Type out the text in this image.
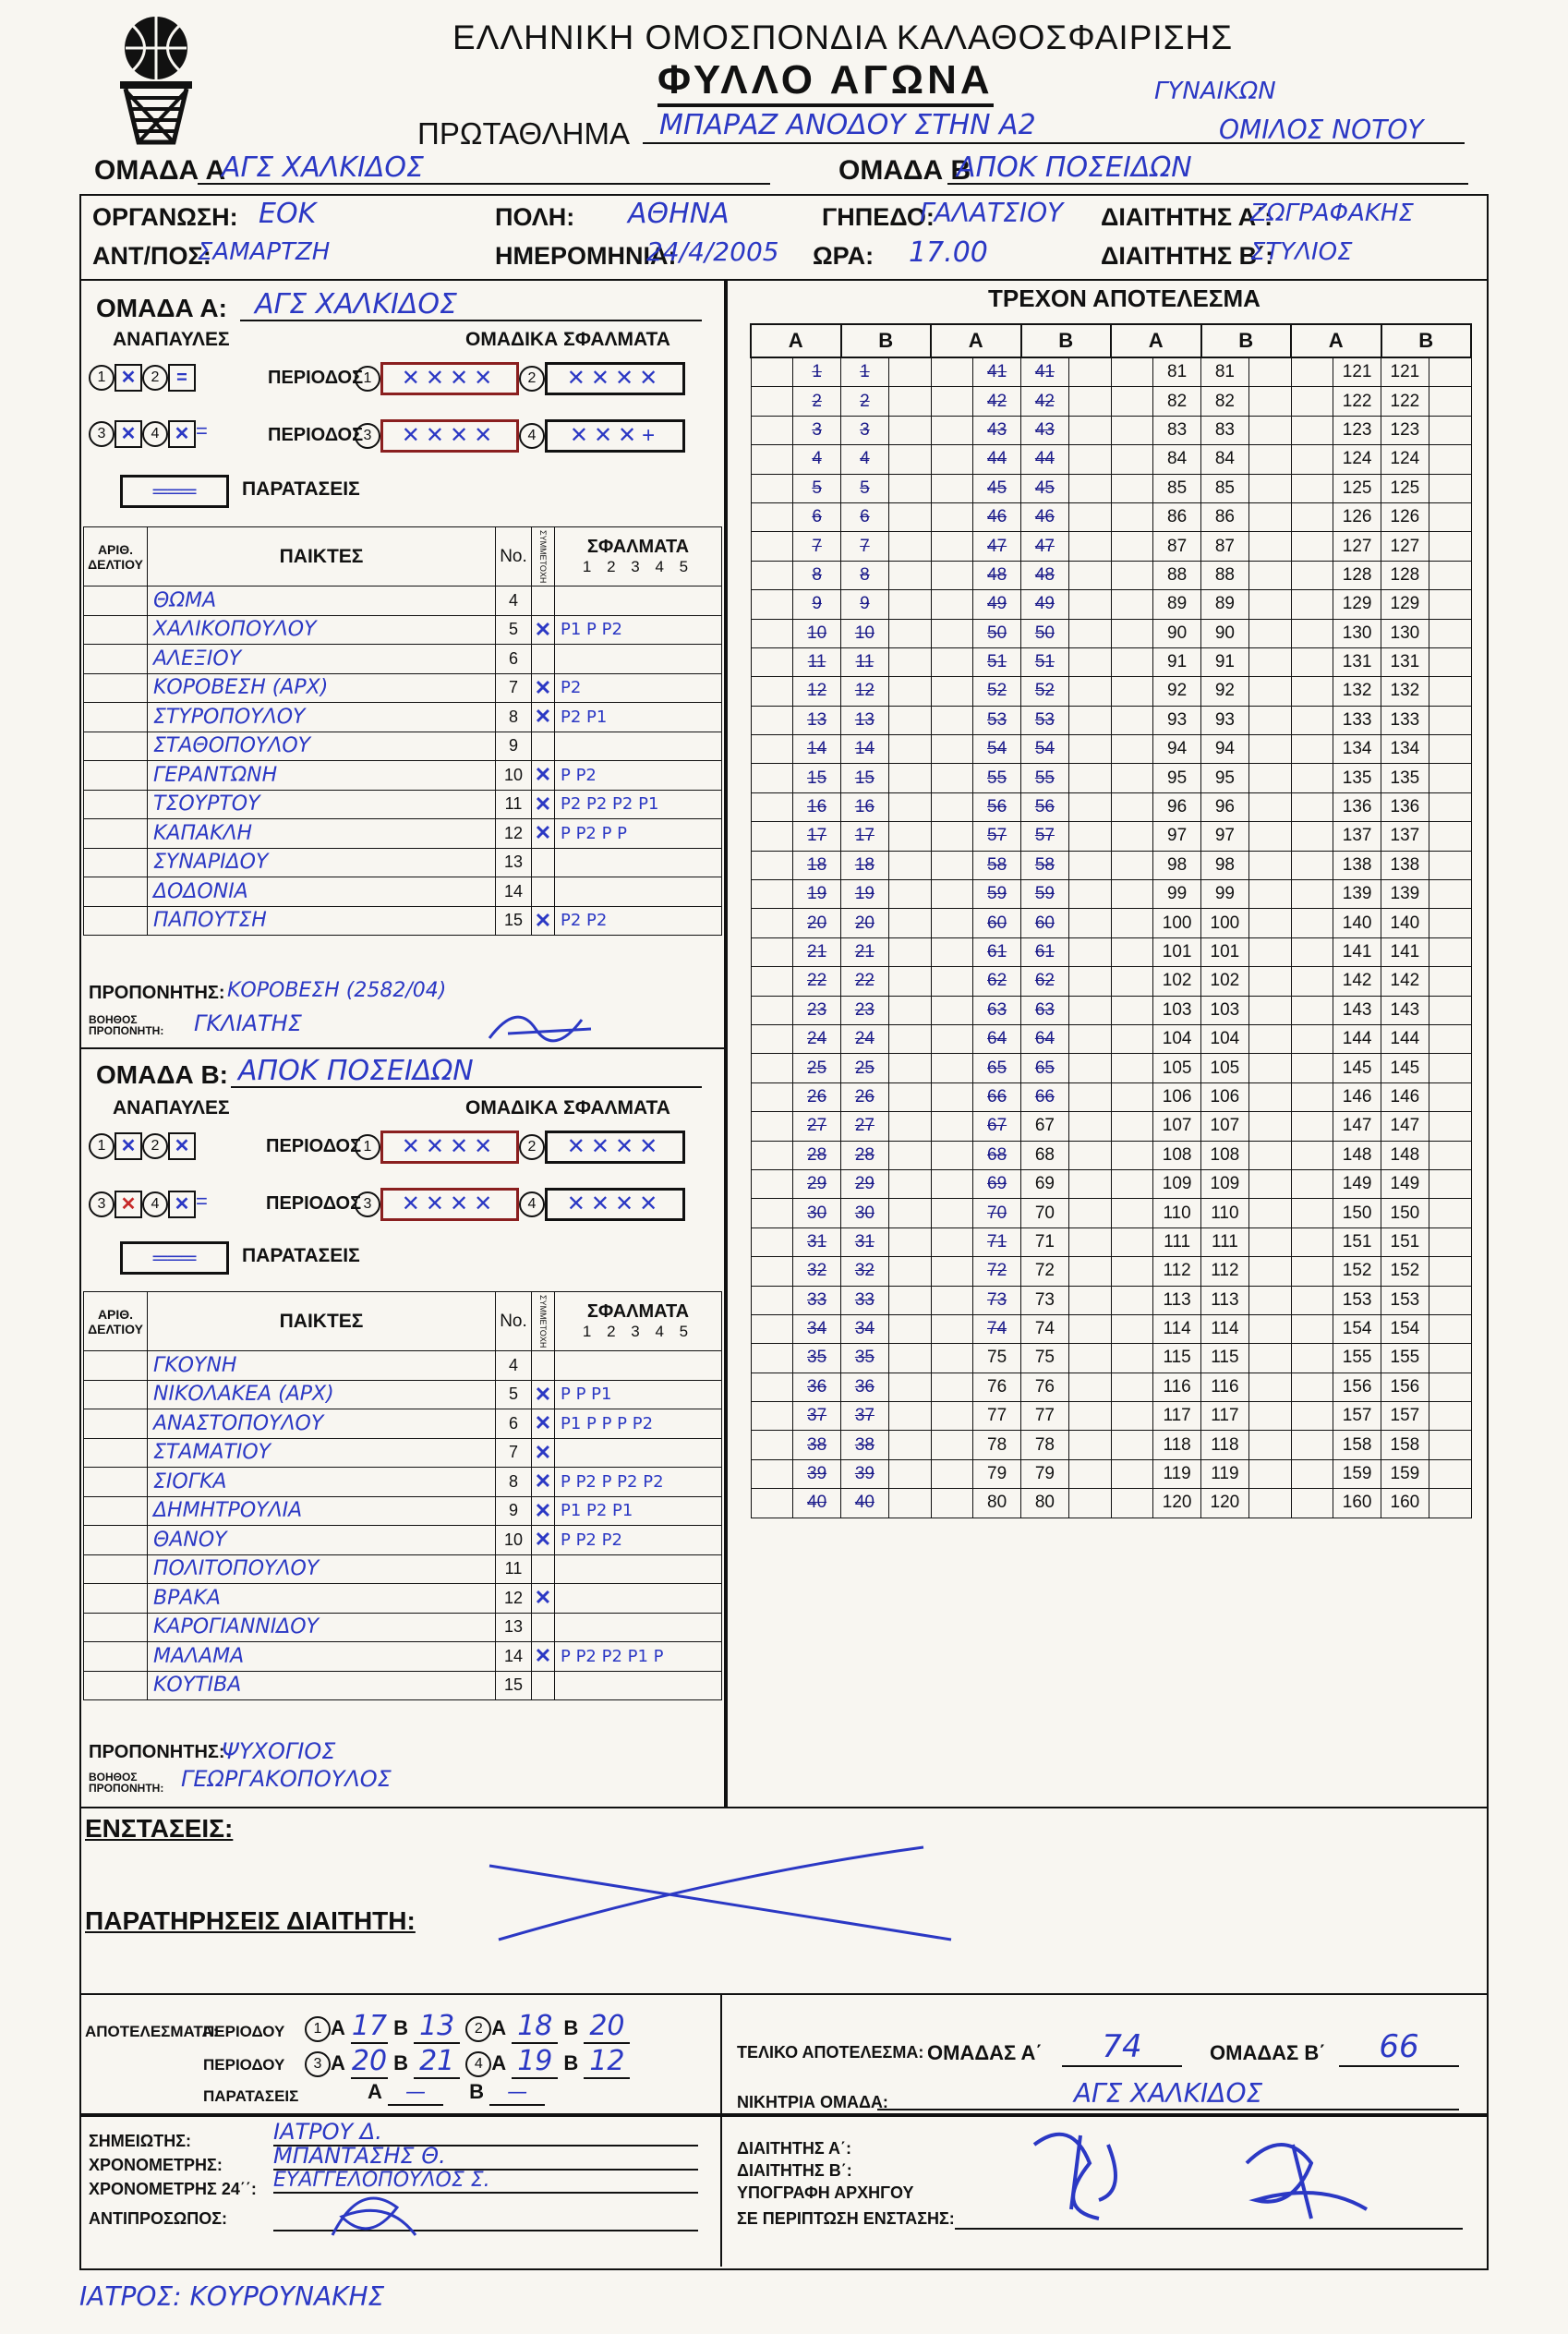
ΕΛΛΗΝΙΚΗ ΟΜΟΣΠΟΝΔΙΑ ΚΑΛΑΘΟΣΦΑΙΡΙΣΗΣ
ΦΥΛΛΟ ΑΓΩΝΑ	ΓΥΝΑΙΚΩΝ
ΠΡΩΤΑΘΛΗΜΑ ΜΠΑΡΑΖ ΑΝΟΔΟΥ ΣΤΗΝ Α2	ΟΜΙΛΟΣ ΝΟΤΟΥ
ΟΜΑΔΑ Α
ΑΓΣ ΧΑΛΚΙΔΟΣ	ΟΜΑΔΑ Β
ΑΠΟΚ ΠΟΣΕΙΔΩΝ
ΟΡΓΑΝΩΣΗ: ΕΟΚ	ΠΟΛΗ: ΑΘΗΝΑ	ΓΗΠΕΔΟ:
ΓΑΛΑΤΣΙΟΥ ΔΙΑΙΤΗΤΗΣ Α΄:
ΖΩΓΡΑΦΑΚΗΣ
ΑΝΤ/ΠΟΣ:
ΣΑΜΑΡΤΖΗ	ΗΜΕΡΟΜΗΝΙΑ:
24/4/2005 ΩΡΑ: 17.00	ΔΙΑΙΤΗΤΗΣ Β΄:
ΣΤΥΛΙΟΣ
ΟΜΑΔΑ Α: ΑΓΣ ΧΑΛΚΙΔΟΣ
ΑΝΑΠΑΥΛΕΣ	ΟΜΑΔΙΚΑ ΣΦΑΛΜΑΤΑ
1 ✕ 2 =	ΠΕΡΙΟΔΟΣ 1 ✕✕✕✕ 2 ✕✕✕✕
3 ✕ 4 ✕ =	ΠΕΡΙΟΔΟΣ 3 ✕✕✕✕ 4 ✕✕✕+
═══	ΠΑΡΑΤΑΣΕΙΣ
ΑΡΙΘ. ΔΕΛΤΙΟΥ	ΠΑΙΚΤΕΣ	No.	ΣΥΜΜΕΤΟΧΗ	ΣΦΑΛΜΑΤΑ
1 2 3 4 5

	ΘΩΜΑ	4		
	ΧΑΛΙΚΟΠΟΥΛΟΥ	5	✕	P1 P P2
	ΑΛΕΞΙΟΥ	6		
	ΚΟΡΟΒΕΣΗ (ΑΡΧ)	7	✕	P2
	ΣΤΥΡΟΠΟΥΛΟΥ	8	✕	P2 P1
	ΣΤΑΘΟΠΟΥΛΟΥ	9		
	ΓΕΡΑΝΤΩΝΗ	10	✕	P P2
	ΤΣΟΥΡΤΟΥ	11	✕	P2 P2 P2 P1
	ΚΑΠΑΚΛΗ	12	✕	P P2 P P
	ΣΥΝΑΡΙΔΟΥ	13		
	ΔΟΔΟΝΙΑ	14		
	ΠΑΠΟΥΤΣΗ	15	✕	P2 P2
ΠΡΟΠΟΝΗΤΗΣ: ΚΟΡΟΒΕΣΗ (2582/04)
ΒΟΗΘΟΣ ΠΡΟΠΟΝΗΤΗ:	ΓΚΛΙΑΤΗΣ
ΟΜΑΔΑ Β: ΑΠΟΚ ΠΟΣΕΙΔΩΝ
ΑΝΑΠΑΥΛΕΣ	ΟΜΑΔΙΚΑ ΣΦΑΛΜΑΤΑ
1 ✕ 2 ✕	ΠΕΡΙΟΔΟΣ 1 ✕✕✕✕ 2 ✕✕✕✕
3 ✕ 4 ✕ =	ΠΕΡΙΟΔΟΣ 3 ✕✕✕✕ 4 ✕✕✕✕
═══	ΠΑΡΑΤΑΣΕΙΣ
ΑΡΙΘ. ΔΕΛΤΙΟΥ	ΠΑΙΚΤΕΣ	No.	ΣΥΜΜΕΤΟΧΗ	ΣΦΑΛΜΑΤΑ
1 2 3 4 5

	ΓΚΟΥΝΗ	4		
	ΝΙΚΟΛΑΚΕΑ (ΑΡΧ)	5	✕	P P P1
	ΑΝΑΣΤΟΠΟΥΛΟΥ	6	✕	P1 P P P P2
	ΣΤΑΜΑΤΙΟΥ	7	✕	
	ΣΙΟΓΚΑ	8	✕	P P2 P P2 P2
	ΔΗΜΗΤΡΟΥΛΙΑ	9	✕	P1 P2 P1
	ΘΑΝΟΥ	10	✕	P P2 P2
	ΠΟΛΙΤΟΠΟΥΛΟΥ	11		
	ΒΡΑΚΑ	12	✕	
	ΚΑΡΟΓΙΑΝΝΙΔΟΥ	13		
	ΜΑΛΑΜΑ	14	✕	P P2 P2 P1 P
	ΚΟΥΤΙΒΑ	15		
ΠΡΟΠΟΝΗΤΗΣ:
ΨΥΧΟΓΙΟΣ
ΒΟΗΘΟΣ ΠΡΟΠΟΝΗΤΗ: ΓΕΩΡΓΑΚΟΠΟΥΛΟΣ
ΤΡΕΧΟΝ ΑΠΟΤΕΛΕΣΜΑ
Α		Β		Α		Β		Α		Β		Α		Β	
	1	1			41	41			81	81			121	121	
	2	2			42	42			82	82			122	122	
	3	3			43	43			83	83			123	123	
	4	4			44	44			84	84			124	124	
	5	5			45	45			85	85			125	125	
	6	6			46	46			86	86			126	126	
	7	7			47	47			87	87			127	127	
	8	8			48	48			88	88			128	128	
	9	9			49	49			89	89			129	129	
	10	10			50	50			90	90			130	130	
	11	11			51	51			91	91			131	131	
	12	12			52	52			92	92			132	132	
	13	13			53	53			93	93			133	133	
	14	14			54	54			94	94			134	134	
	15	15			55	55			95	95			135	135	
	16	16			56	56			96	96			136	136	
	17	17			57	57			97	97			137	137	
	18	18			58	58			98	98			138	138	
	19	19			59	59			99	99			139	139	
	20	20			60	60			100	100			140	140	
	21	21			61	61			101	101			141	141	
	22	22			62	62			102	102			142	142	
	23	23			63	63			103	103			143	143	
	24	24			64	64			104	104			144	144	
	25	25			65	65			105	105			145	145	
	26	26			66	66			106	106			146	146	
	27	27			67	67			107	107			147	147	
	28	28			68	68			108	108			148	148	
	29	29			69	69			109	109			149	149	
	30	30			70	70			110	110			150	150	
	31	31			71	71			111	111			151	151	
	32	32			72	72			112	112			152	152	
	33	33			73	73			113	113			153	153	
	34	34			74	74			114	114			154	154	
	35	35			75	75			115	115			155	155	
	36	36			76	76			116	116			156	156	
	37	37			77	77			117	117			157	157	
	38	38			78	78			118	118			158	158	
	39	39			79	79			119	119			159	159	
	40	40			80	80			120	120			160	160	
ΕΝΣΤΑΣΕΙΣ:
ΠΑΡΑΤΗΡΗΣΕΙΣ ΔΙΑΙΤΗΤΗ:
ΑΠΟΤΕΛΕΣΜΑΤΑ:
ΠΕΡΙΟΔΟΥ	1 A 17 B 13 2 A 18 B 20
ΠΕΡΙΟΔΟΥ	3 A 20 B 21 4 A 19 B 12
ΠΑΡΑΤΑΣΕΙΣ	A — B —
ΤΕΛΙΚΟ ΑΠΟΤΕΛΕΣΜΑ: ΟΜΑΔΑΣ Α΄	74	ΟΜΑΔΑΣ Β΄	66
ΝΙΚΗΤΡΙΑ ΟΜΑΔΑ:	ΑΓΣ ΧΑΛΚΙΔΟΣ
ΣΗΜΕΙΩΤΗΣ:	ΙΑΤΡΟΥ Δ.
ΧΡΟΝΟΜΕΤΡΗΣ: ΜΠΑΝΤΑΣΗΣ Θ.
ΧΡΟΝΟΜΕΤΡΗΣ 24΄΄: ΕΥΑΓΓΕΛΟΠΟΥΛΟΣ Σ.
ΑΝΤΙΠΡΟΣΩΠΟΣ:
ΔΙΑΙΤΗΤΗΣ Α΄:
ΔΙΑΙΤΗΤΗΣ Β΄:
ΥΠΟΓΡΑΦΗ ΑΡΧΗΓΟΥ
ΣΕ ΠΕΡΙΠΤΩΣΗ ΕΝΣΤΑΣΗΣ:
ΙΑΤΡΟΣ: ΚΟΥΡΟΥΝΑΚΗΣ
